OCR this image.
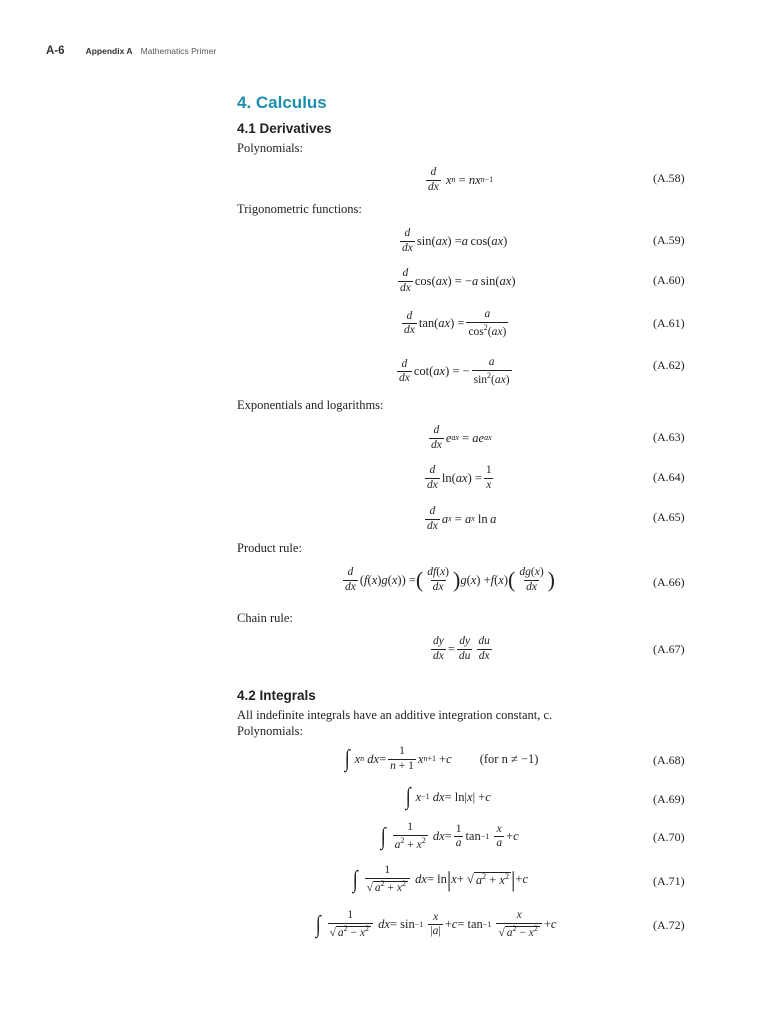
A-6 Appendix A Mathematics Primer
4. Calculus
4.1 Derivatives
Polynomials:
$\frac{d}{dx}$
x n = nx n−1	(A.58)
Trigonometric functions:
$\frac{d}{dx} \sin$( ax ) = a  cos( ax )	(A.59)
$\frac{d}{dx} \cos$( ax ) = − a  sin( ax )	(A.60)
$\frac{d}{dx} \tan$( ax ) = $\frac{a}{\cos^2(ax)}$	(A.61)
$\frac{d}{dx} \cot$( ax ) = − $\frac{a}{\sin^2(ax)}$	(A.62)
Exponentials and logarithms:
$\frac{d}{dx}$ e ax = ae ax	(A.63)
$\frac{d}{dx} \ln$( ax ) = $\frac{1}{x}$	(A.64)
$\frac{d}{dx}$ a x = a x ln  a	(A.65)
Product rule:
$\frac{d}{dx}$ ( f ( x ) g ( x )) = ( $\frac{df(x)}{dx}$ ) g ( x ) + f ( x ) ( $\frac{dg(x)}{dx}$ )	(A.66)
Chain rule:
$\frac{dy}{dx} = \frac{dy}{du} \frac{du}{dx}$	(A.67)
4.2 Integrals
All indefinite integrals have an additive integration constant, c.
Polynomials:
∫ x n
dx = $\frac{1}{n + 1}$ x n+1 + c (for n ≠ −1)	(A.68)
∫ x −1
dx = ln| x | + c	(A.69)
∫ $\frac{1}{a^2 + x^2}$
dx = $\frac{1}{a}$ tan −1
$\frac{x}{a} + c$	(A.70)
∫ $\frac{1}{√ a^2 + x^2}$
dx = ln | x + √ $a^2 + x^2$ | + c	(A.71)
∫ $\frac{1}{√ a^2 - x^2}$
dx = sin −1
$\frac{x}{|a|} + c = \tan -1$
$\frac{x}{√ a^2 - x^2} + c$	(A.72)
